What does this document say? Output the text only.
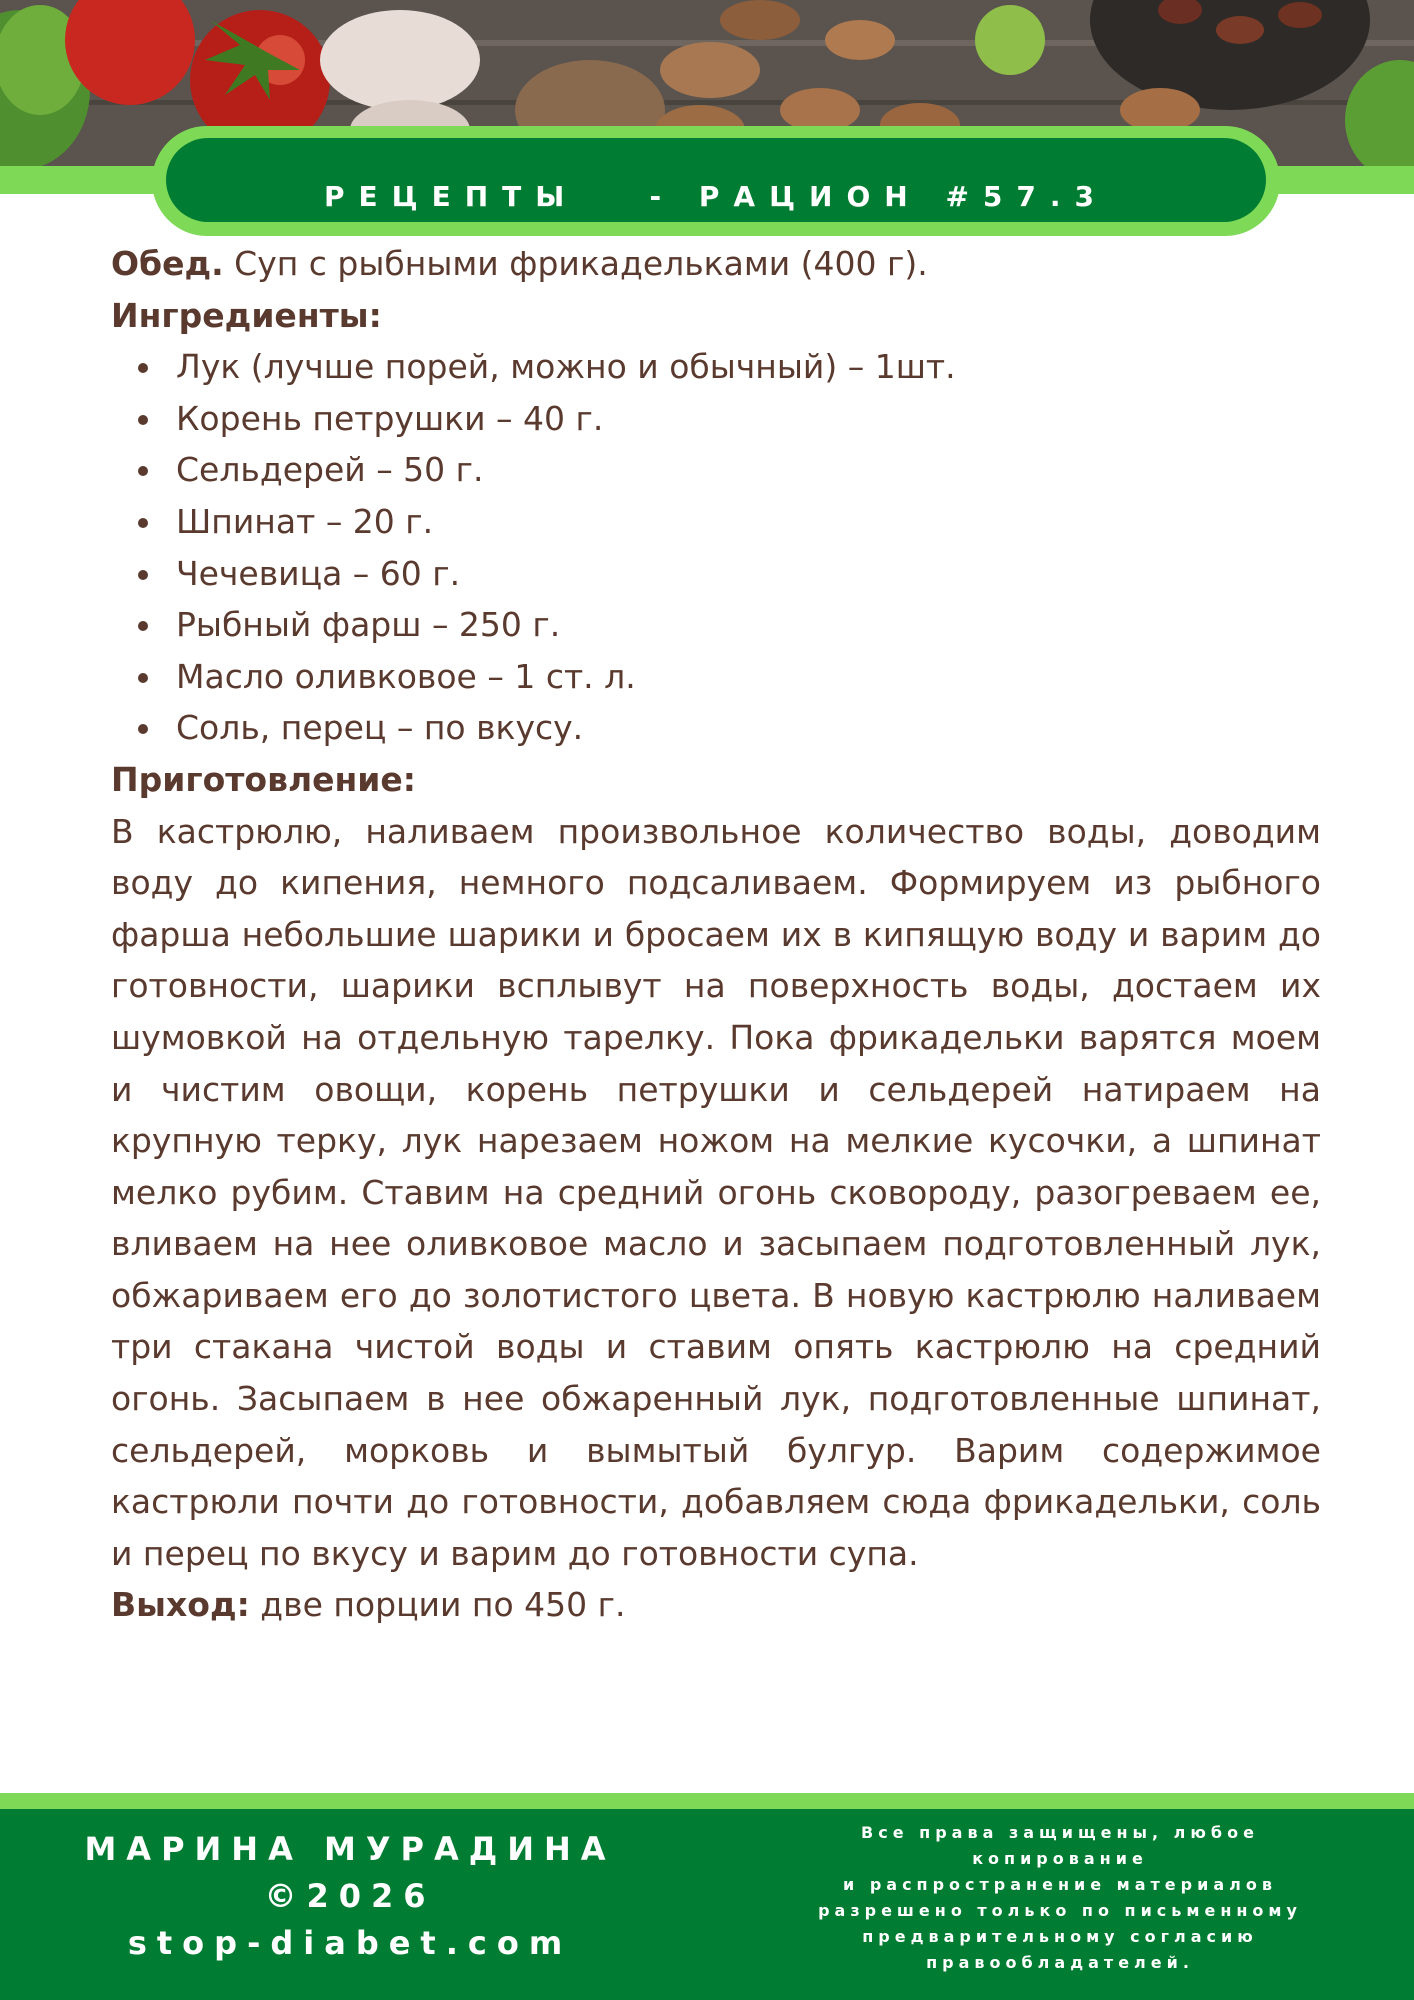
РЕЦЕПТЫ   - РАЦИОН #57.3

Обед. Суп с рыбными фрикадельками (400 г).

Ингредиенты:

Лук (лучше порей, можно и обычный) – 1шт.
Корень петрушки – 40 г.
Сельдерей – 50 г.
Шпинат – 20 г.
Чечевица – 60 г.
Рыбный фарш – 250 г.
Масло оливковое – 1 ст. л.
Соль, перец – по вкусу.

Приготовление:

В кастрюлю, наливаем произвольное количество воды, доводим воду до кипения, немного подсаливаем. Формируем из рыбного фарша небольшие шарики и бросаем их в кипящую воду и варим до готовности, шарики всплывут на поверхность воды, достаем их шумовкой на отдельную тарелку. Пока фрикадельки варятся моем и чистим овощи, корень петрушки и сельдерей натираем на крупную терку, лук нарезаем ножом на мелкие кусочки, а шпинат мелко рубим. Ставим на средний огонь сковороду, разогреваем ее, вливаем на нее оливковое масло и засыпаем подготовленный лук, обжариваем его до золотистого цвета. В новую кастрюлю наливаем три стакана чистой воды и ставим опять кастрюлю на средний огонь. Засыпаем в нее обжаренный лук, подготовленные шпинат, сельдерей, морковь и вымытый булгур. Варим содержимое кастрюли почти до готовности, добавляем сюда фрикадельки, соль и перец по вкусу и варим до готовности супа.

Выход: две порции по 450 г.

МАРИНА МУРАДИНА
©2026
stop-diabet.com
Все права защищены, любое
копирование
и распространение материалов
разрешено только по письменному
предварительному согласию
правообладателей.
